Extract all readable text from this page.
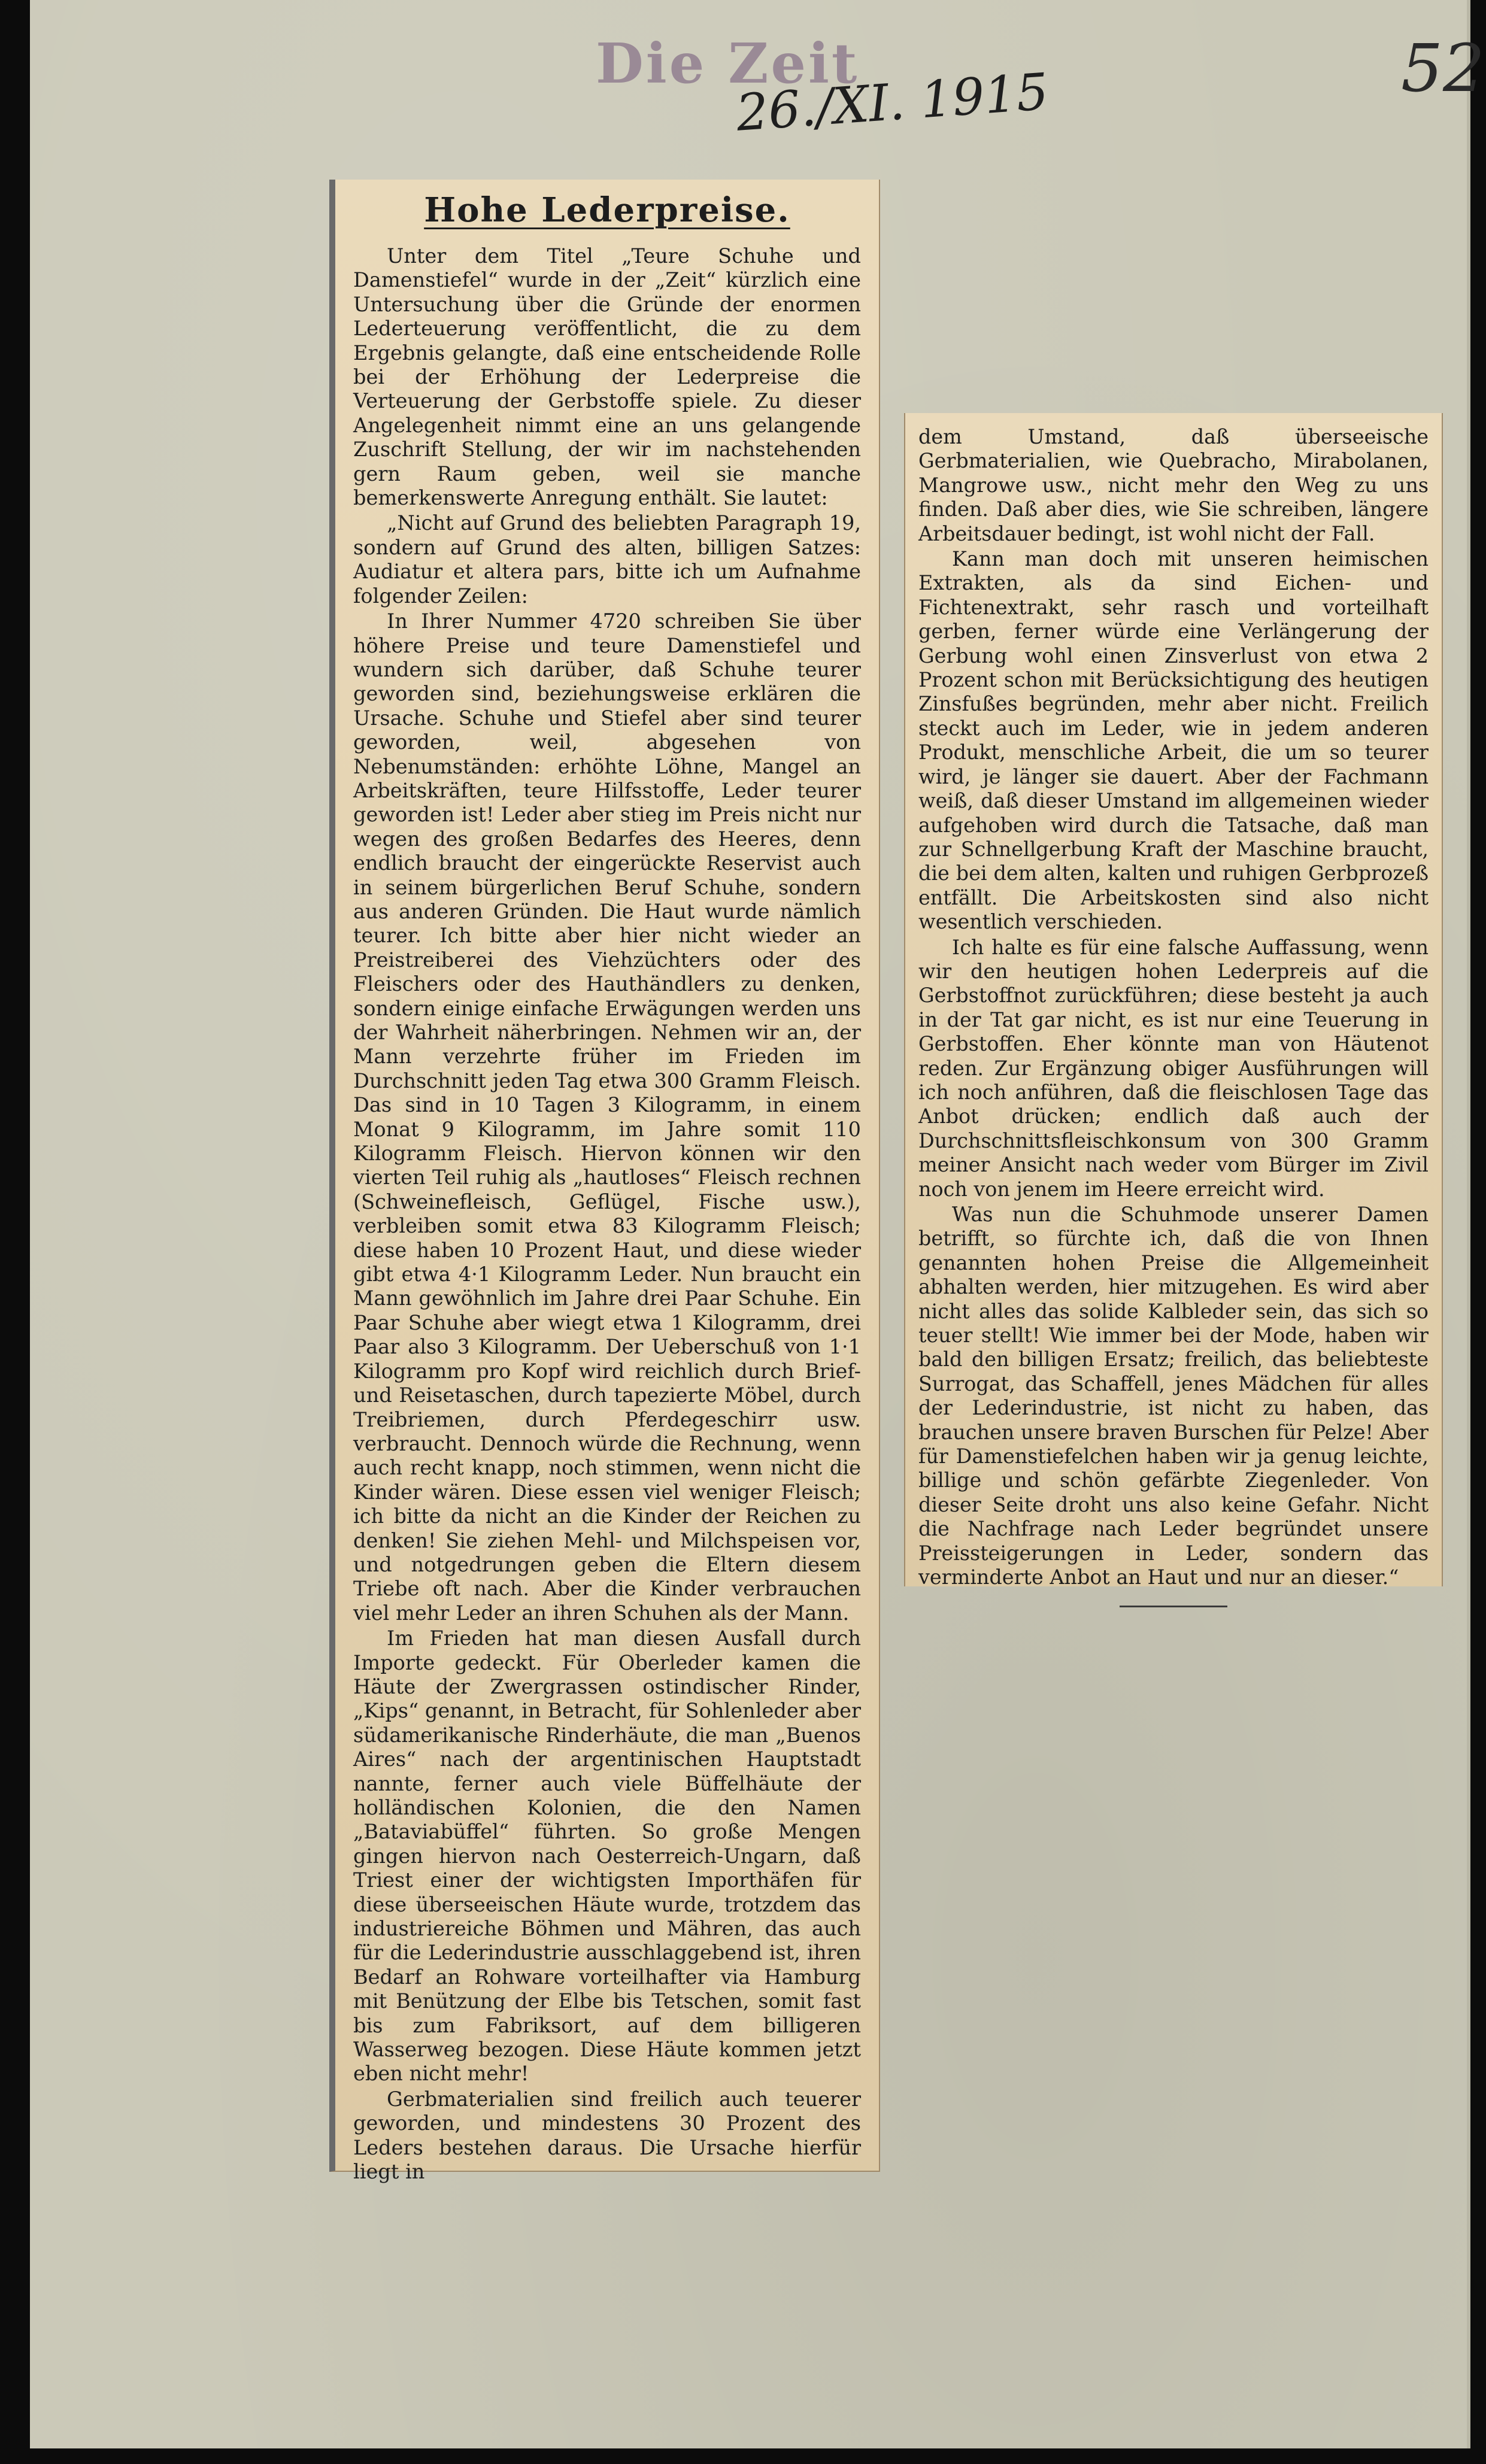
Die Zeit
26./XI. 1915	52
Hohe Lederpreise.

Unter dem Titel „Teure Schuhe und Damenstiefel“ wurde in der „Zeit“ kürzlich eine Untersuchung über die Gründe der enormen Lederteuerung veröffentlicht, die zu dem Ergebnis gelangte, daß eine entscheidende Rolle bei der Erhöhung der Lederpreise die Verteuerung der Gerbstoffe spiele. Zu dieser Angelegenheit nimmt eine an uns gelangende Zuschrift Stellung, der wir im nachstehenden gern Raum geben, weil sie manche bemerkenswerte Anregung enthält. Sie lautet:

„Nicht auf Grund des beliebten Paragraph 19, sondern auf Grund des alten, billigen Satzes: Audiatur et altera pars, bitte ich um Aufnahme folgender Zeilen:

In Ihrer Nummer 4720 schreiben Sie über höhere Preise und teure Damenstiefel und wundern sich darüber, daß Schuhe teurer geworden sind, beziehungsweise erklären die Ursache. Schuhe und Stiefel aber sind teurer geworden, weil, abgesehen von Nebenumständen: erhöhte Löhne, Mangel an Arbeitskräften, teure Hilfsstoffe, Leder teurer geworden ist! Leder aber stieg im Preis nicht nur wegen des großen Bedarfes des Heeres, denn endlich braucht der eingerückte Reservist auch in seinem bürgerlichen Beruf Schuhe, sondern aus anderen Gründen. Die Haut wurde nämlich teurer. Ich bitte aber hier nicht wieder an Preistreiberei des Viehzüchters oder des Fleischers oder des Hauthändlers zu denken, sondern einige einfache Erwägungen werden uns der Wahrheit näherbringen. Nehmen wir an, der Mann verzehrte früher im Frieden im Durchschnitt jeden Tag etwa 300 Gramm Fleisch. Das sind in 10 Tagen 3 Kilogramm, in einem Monat 9 Kilogramm, im Jahre somit 110 Kilogramm Fleisch. Hiervon können wir den vierten Teil ruhig als „hautloses“ Fleisch rechnen (Schweinefleisch, Geflügel, Fische usw.), verbleiben somit etwa 83 Kilogramm Fleisch; diese haben 10 Prozent Haut, und diese wieder gibt etwa 4·1 Kilogramm Leder. Nun braucht ein Mann gewöhnlich im Jahre drei Paar Schuhe. Ein Paar Schuhe aber wiegt etwa 1 Kilogramm, drei Paar also 3 Kilogramm. Der Ueberschuß von 1·1 Kilogramm pro Kopf wird reichlich durch Brief- und Reisetaschen, durch tapezierte Möbel, durch Treibriemen, durch Pferdegeschirr usw. verbraucht. Dennoch würde die Rechnung, wenn auch recht knapp, noch stimmen, wenn nicht die Kinder wären. Diese essen viel weniger Fleisch; ich bitte da nicht an die Kinder der Reichen zu denken! Sie ziehen Mehl- und Milchspeisen vor, und notgedrungen geben die Eltern diesem Triebe oft nach. Aber die Kinder verbrauchen viel mehr Leder an ihren Schuhen als der Mann.

Im Frieden hat man diesen Ausfall durch Importe gedeckt. Für Oberleder kamen die Häute der Zwergrassen ostindischer Rinder, „Kips“ genannt, in Betracht, für Sohlenleder aber südamerikanische Rinderhäute, die man „Buenos Aires“ nach der argentinischen Hauptstadt nannte, ferner auch viele Büffelhäute der holländischen Kolonien, die den Namen „Bataviabüffel“ führten. So große Mengen gingen hiervon nach Oesterreich-Ungarn, daß Triest einer der wichtigsten Importhäfen für diese überseeischen Häute wurde, trotzdem das industriereiche Böhmen und Mähren, das auch für die Lederindustrie ausschlaggebend ist, ihren Bedarf an Rohware vorteilhafter via Hamburg mit Benützung der Elbe bis Tetschen, somit fast bis zum Fabriksort, auf dem billigeren Wasserweg bezogen. Diese Häute kommen jetzt eben nicht mehr!

Gerbmaterialien sind freilich auch teuerer geworden, und mindestens 30 Prozent des Leders bestehen daraus. Die Ursache hierfür liegt in

dem Umstand, daß überseeische Gerbmaterialien, wie Quebracho, Mirabolanen, Mangrowe usw., nicht mehr den Weg zu uns finden. Daß aber dies, wie Sie schreiben, längere Arbeitsdauer bedingt, ist wohl nicht der Fall.

Kann man doch mit unseren heimischen Extrakten, als da sind Eichen- und Fichtenextrakt, sehr rasch und vorteilhaft gerben, ferner würde eine Verlängerung der Gerbung wohl einen Zinsverlust von etwa 2 Prozent schon mit Berücksichtigung des heutigen Zinsfußes begründen, mehr aber nicht. Freilich steckt auch im Leder, wie in jedem anderen Produkt, menschliche Arbeit, die um so teurer wird, je länger sie dauert. Aber der Fachmann weiß, daß dieser Umstand im allgemeinen wieder aufgehoben wird durch die Tatsache, daß man zur Schnellgerbung Kraft der Maschine braucht, die bei dem alten, kalten und ruhigen Gerbprozeß entfällt. Die Arbeitskosten sind also nicht wesentlich verschieden.

Ich halte es für eine falsche Auffassung, wenn wir den heutigen hohen Lederpreis auf die Gerbstoffnot zurückführen; diese besteht ja auch in der Tat gar nicht, es ist nur eine Teuerung in Gerbstoffen. Eher könnte man von Häutenot reden. Zur Ergänzung obiger Ausführungen will ich noch anführen, daß die fleischlosen Tage das Anbot drücken; endlich daß auch der Durchschnittsfleischkonsum von 300 Gramm meiner Ansicht nach weder vom Bürger im Zivil noch von jenem im Heere erreicht wird.

Was nun die Schuhmode unserer Damen betrifft, so fürchte ich, daß die von Ihnen genannten hohen Preise die Allgemeinheit abhalten werden, hier mitzugehen. Es wird aber nicht alles das solide Kalbleder sein, das sich so teuer stellt! Wie immer bei der Mode, haben wir bald den billigen Ersatz; freilich, das beliebteste Surrogat, das Schaffell, jenes Mädchen für alles der Lederindustrie, ist nicht zu haben, das brauchen unsere braven Burschen für Pelze! Aber für Damenstiefelchen haben wir ja genug leichte, billige und schön gefärbte Ziegenleder. Von dieser Seite droht uns also keine Gefahr. Nicht die Nachfrage nach Leder begründet unsere Preissteigerungen in Leder, sondern das verminderte Anbot an Haut und nur an dieser.“
